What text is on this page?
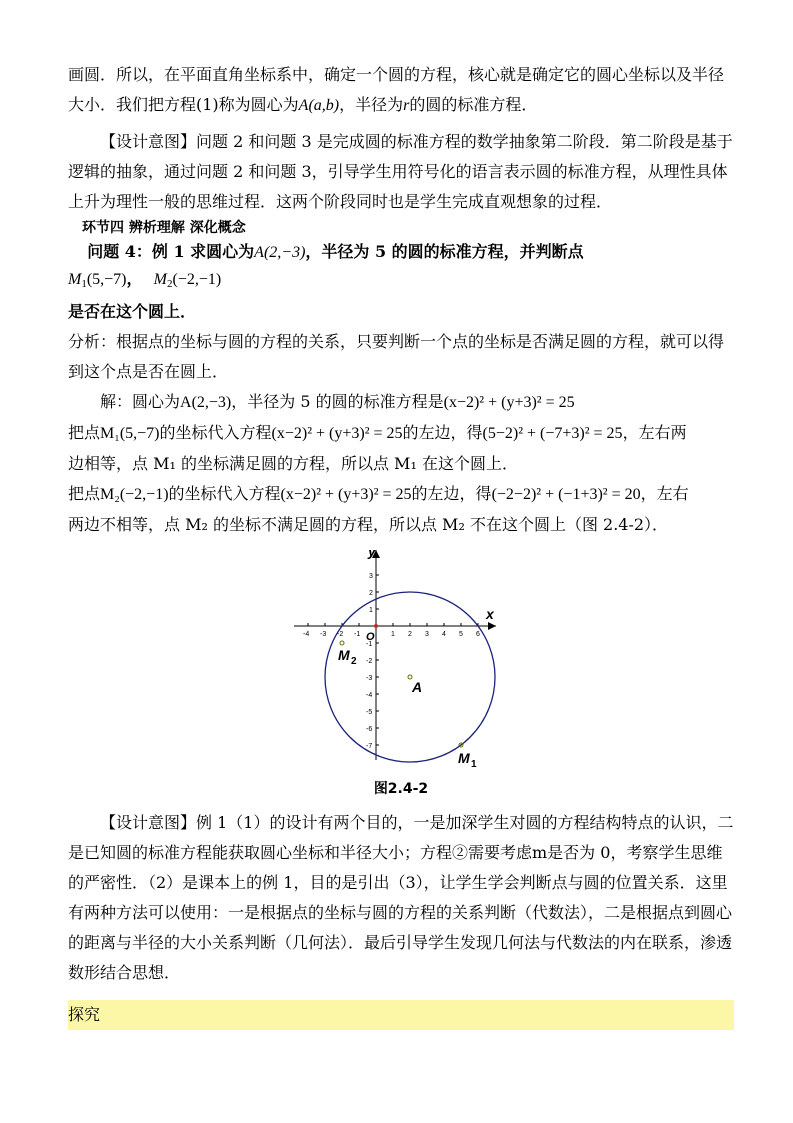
画圆．所以，在平面直角坐标系中，确定一个圆的方程，核心就是确定它的圆心坐标以及半径
大小．我们把方程(1)称为圆心为A(a,b)，半径为r的圆的标准方程．

【设计意图】问题 2 和问题 3 是完成圆的标准方程的数学抽象第二阶段．第二阶段是基于逻辑的抽象，通过问题 2 和问题 3，引导学生用符号化的语言表示圆的标准方程，从理性具体上升为理性一般的思维过程．这两个阶段同时也是学生完成直观想象的过程．

环节四 辨析理解 深化概念

问题 4：例 1 求圆心为A(2,−3)，半径为 5 的圆的标准方程，并判断点$M_1(5,-7)$， $M_2(-2,-1)$

是否在这个圆上．

分析：根据点的坐标与圆的方程的关系，只要判断一个点的坐标是否满足圆的方程，就可以得到这个点是否在圆上．

解：圆心为A(2,−3)，半径为 5 的圆的标准方程是(x−2)² + (y+3)² = 25

把点M₁(5,−7)的坐标代入方程(x−2)² + (y+3)² = 25的左边，得(5−2)² + (−7+3)² = 25，左右两

边相等，点 M₁ 的坐标满足圆的方程，所以点 M₁ 在这个圆上．

把点M₂(−2,−1)的坐标代入方程(x−2)² + (y+3)² = 25的左边，得(−2−2)² + (−1+3)² = 20，左右

两边不相等，点 M₂ 的坐标不满足圆的方程，所以点 M₂ 不在这个圆上（图 2.4-2）．

-4 -3 -2 -1	1 2 3 4 5 6
3
2
1
-1
-2
-3
-4
-5
-6
-7
x
y
O
A
M 2
M 1
图2.4-2

【设计意图】例 1（1）的设计有两个目的，一是加深学生对圆的方程结构特点的认识，二是已知圆的标准方程能获取圆心坐标和半径大小；方程②需要考虑m是否为 0，考察学生思维的严密性．（2）是课本上的例 1，目的是引出（3），让学生学会判断点与圆的位置关系．这里有两种方法可以使用：一是根据点的坐标与圆的方程的关系判断（代数法），二是根据点到圆心的距离与半径的大小关系判断（几何法）．最后引导学生发现几何法与代数法的内在联系，渗透数形结合思想．

探究
